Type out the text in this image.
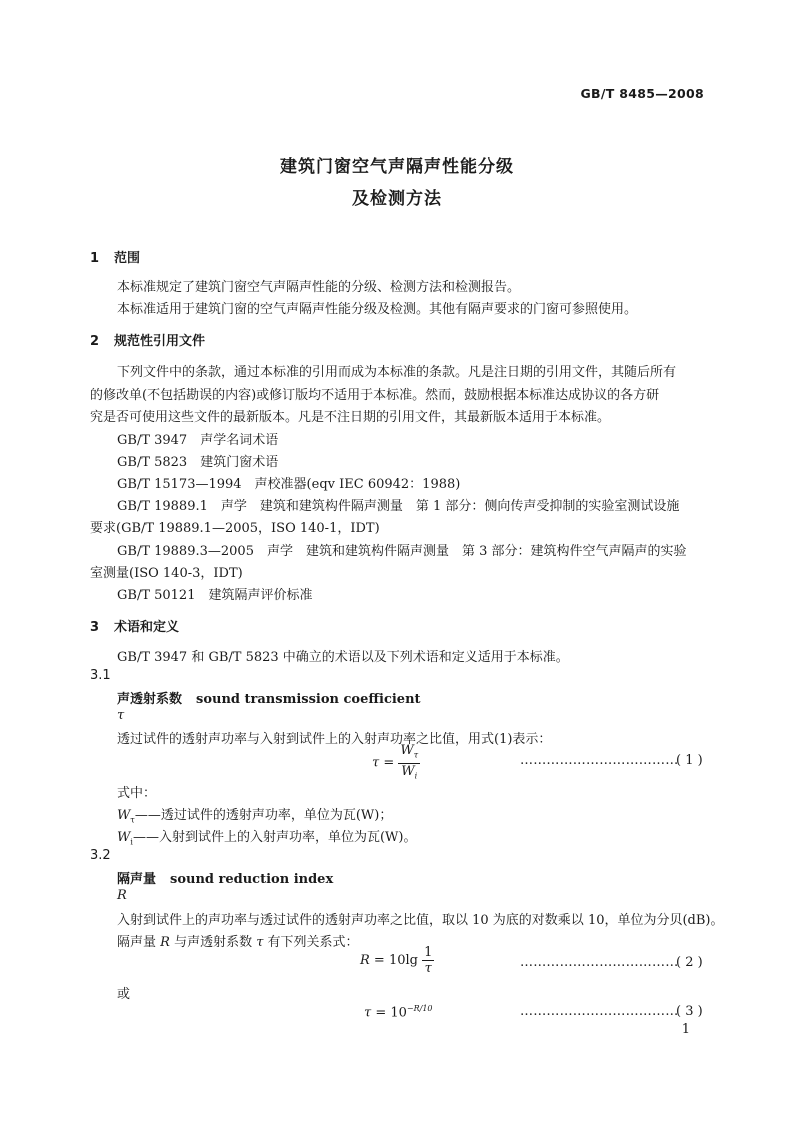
GB/T 8485—2008
建筑门窗空气声隔声性能分级
及检测方法
1 范围
本标准规定了建筑门窗空气声隔声性能的分级、检测方法和检测报告。
本标准适用于建筑门窗的空气声隔声性能分级及检测。其他有隔声要求的门窗可参照使用。
2 规范性引用文件
下列文件中的条款，通过本标准的引用而成为本标准的条款。凡是注日期的引用文件，其随后所有
的修改单(不包括勘误的内容)或修订版均不适用于本标准。然而，鼓励根据本标准达成协议的各方研
究是否可使用这些文件的最新版本。凡是不注日期的引用文件，其最新版本适用于本标准。
GB/T 3947　声学名词术语
GB/T 5823　建筑门窗术语
GB/T 15173—1994　声校准器(eqv IEC 60942：1988)
GB/T 19889.1　声学　建筑和建筑构件隔声测量　第 1 部分：侧向传声受抑制的实验室测试设施
要求(GB/T 19889.1—2005，ISO 140-1，IDT)
GB/T 19889.3—2005　声学　建筑和建筑构件隔声测量　第 3 部分：建筑构件空气声隔声的实验
室测量(ISO 140-3，IDT)
GB/T 50121　建筑隔声评价标准
3 术语和定义
GB/T 3947 和 GB/T 5823 中确立的术语以及下列术语和定义适用于本标准。
3.1
声透射系数 sound transmission coefficient
τ
透过试件的透射声功率与入射到试件上的入射声功率之比值，用式(1)表示：
$\tau = \frac{W_\tau}{W_i}$	………………………………
( 1 )
式中：
$W_\tau——$透过试件的透射声功率，单位为瓦(W)；
$W_i——$入射到试件上的入射声功率，单位为瓦(W)。
3.2
隔声量 sound reduction index
R
入射到试件上的声功率与透过试件的透射声功率之比值，取以 10 为底的对数乘以 10，单位为分贝(dB)。
隔声量 R 与声透射系数 τ 有下列关系式：
$R = 10\lg \frac{1}{\tau}$	………………………………
( 2 )
或
$\tau = 10^{-R/10}$	………………………………
( 3 )
1
